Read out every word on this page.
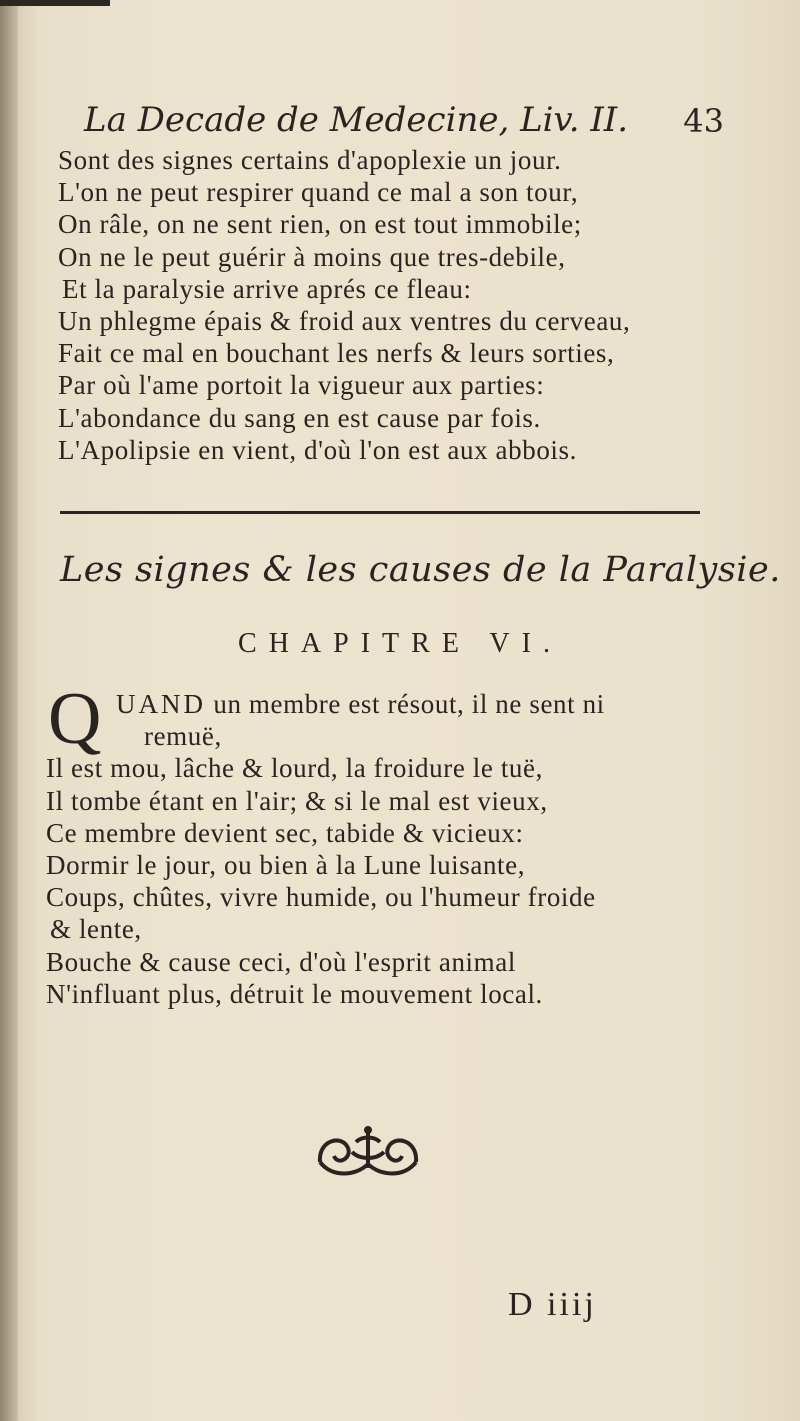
La Decade de Medecine, Liv. II. 43
Sont des signes certains d'apoplexie un jour.
L'on ne peut respirer quand ce mal a son tour,
On râle, on ne sent rien, on est tout immobile;
On ne le peut guérir à moins que tres-debile,
Et la paralysie arrive aprés ce fleau:
Un phlegme épais & froid aux ventres du cerveau,
Fait ce mal en bouchant les nerfs & leurs sorties,
Par où l'ame portoit la vigueur aux parties:
L'abondance du sang en est cause par fois.
L'Apolipsie en vient, d'où l'on est aux abbois.
Les signes & les causes de la Paralysie.
CHAPITRE VI.
Q UAND un membre est résout, il ne sent ni
remuë,
Il est mou, lâche & lourd, la froidure le tuë,
Il tombe étant en l'air; & si le mal est vieux,
Ce membre devient sec, tabide & vicieux:
Dormir le jour, ou bien à la Lune luisante,
Coups, chûtes, vivre humide, ou l'humeur froide
& lente,
Bouche & cause ceci, d'où l'esprit animal
N'influant plus, détruit le mouvement local.
D iiij
